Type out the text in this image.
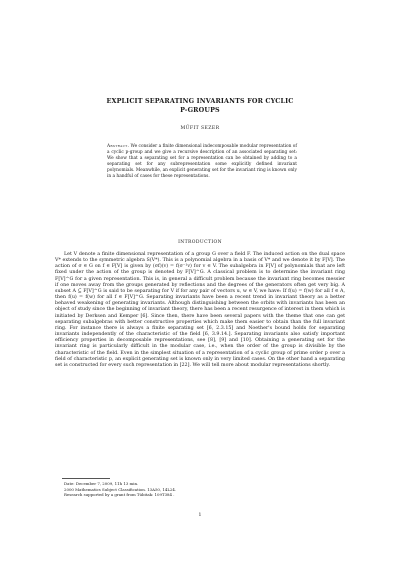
EXPLICIT SEPARATING INVARIANTS FOR CYCLIC
P-GROUPS
MÜFIT SEZER
Abstract. We consider a finite dimensional indecomposable modular representation of a cyclic p-group and we give a recursive description of an associated separating set: We show that a separating set for a representation can be obtained by adding to a separating set for any subrepresentation some explicitly defined invariant polynomials. Meanwhile, an explicit generating set for the invariant ring is known only in a handful of cases for these representations.
INTRODUCTION

Let V denote a finite dimensional representation of a group G over a field F. The induced action on the dual space V* extends to the symmetric algebra S(V*). This is a polynomial algebra in a basis of V* and we denote it by F[V]. The action of σ ∈ G on f ∈ F[V] is given by (σf)(v) = f(σ⁻¹v) for v ∈ V. The subalgebra in F[V] of polynomials that are left fixed under the action of the group is denoted by F[V]^G. A classical problem is to determine the invariant ring F[V]^G for a given representation. This is, in general a difficult problem because the invariant ring becomes messier if one moves away from the groups generated by reflections and the degrees of the generators often get very big. A subset A ⊆ F[V]^G is said to be separating for V if for any pair of vectors u, w ∈ V, we have: If f(u) = f(w) for all f ∈ A, then f(u) = f(w) for all f ∈ F[V]^G. Separating invariants have been a recent trend in invariant theory as a better behaved weakening of generating invariants. Although distinguishing between the orbits with invariants has been an object of study since the beginning of invariant theory, there has been a recent resurgence of interest in them which is initiated by Derksen and Kemper [6]. Since then, there have been several papers with the theme that one can get separating subalgebras with better constructive properties which make them easier to obtain than the full invariant ring. For instance there is always a finite separating set [6, 2.3.15] and Noether's bound holds for separating invariants independently of the characteristic of the field [6, 3.9.14.]. Separating invariants also satisfy important efficiency properties in decomposable representations, see [8], [9] and [10]. Obtaining a generating set for the invariant ring is particularly difficult in the modular case, i.e., when the order of the group is divisible by the characteristic of the field. Even in the simplest situation of a representation of a cyclic group of prime order p over a field of characteristic p, an explicit generating set is known only in very limited cases. On the other hand a separating set is constructed for every such representation in [22]. We will tell more about modular representations shortly.

Date: December 7, 2009, 11h 13 min.
2000 Mathematics Subject Classification. 13A50, 14L24.
Research supported by a grant from Tübitak: 109T384 .
1
